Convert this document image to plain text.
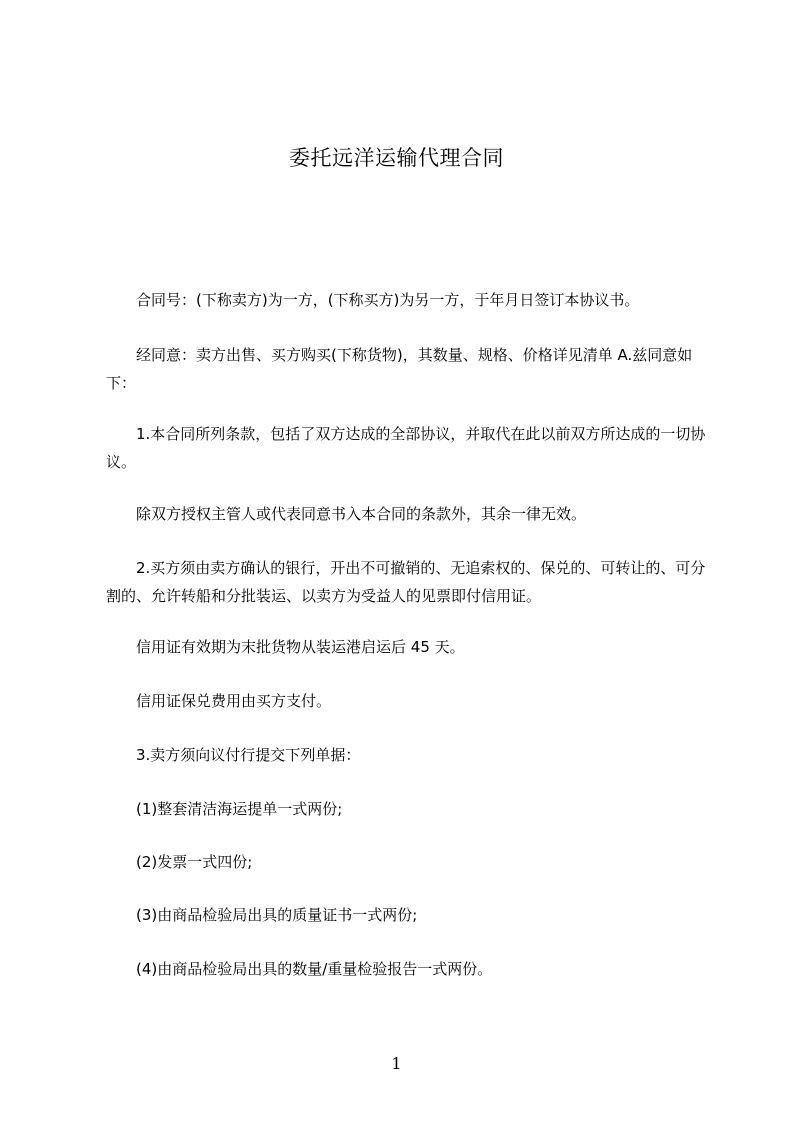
委托远洋运输代理合同
合同号：(下称卖方)为一方，(下称买方)为另一方，于年月日签订本协议书。
经同意：卖方出售、买方购买(下称货物)，其数量、规格、价格详见清单 A.兹同意如下：
1.本合同所列条款，包括了双方达成的全部协议，并取代在此以前双方所达成的一切协议。
除双方授权主管人或代表同意书入本合同的条款外，其余一律无效。
2.买方须由卖方确认的银行，开出不可撤销的、无追索权的、保兑的、可转让的、可分割的、允许转船和分批装运、以卖方为受益人的见票即付信用证。
信用证有效期为末批货物从装运港启运后 45 天。
信用证保兑费用由买方支付。
3.卖方须向议付行提交下列单据：
(1)整套清洁海运提单一式两份;
(2)发票一式四份;
(3)由商品检验局出具的质量证书一式两份;
(4)由商品检验局出具的数量/重量检验报告一式两份。
1
